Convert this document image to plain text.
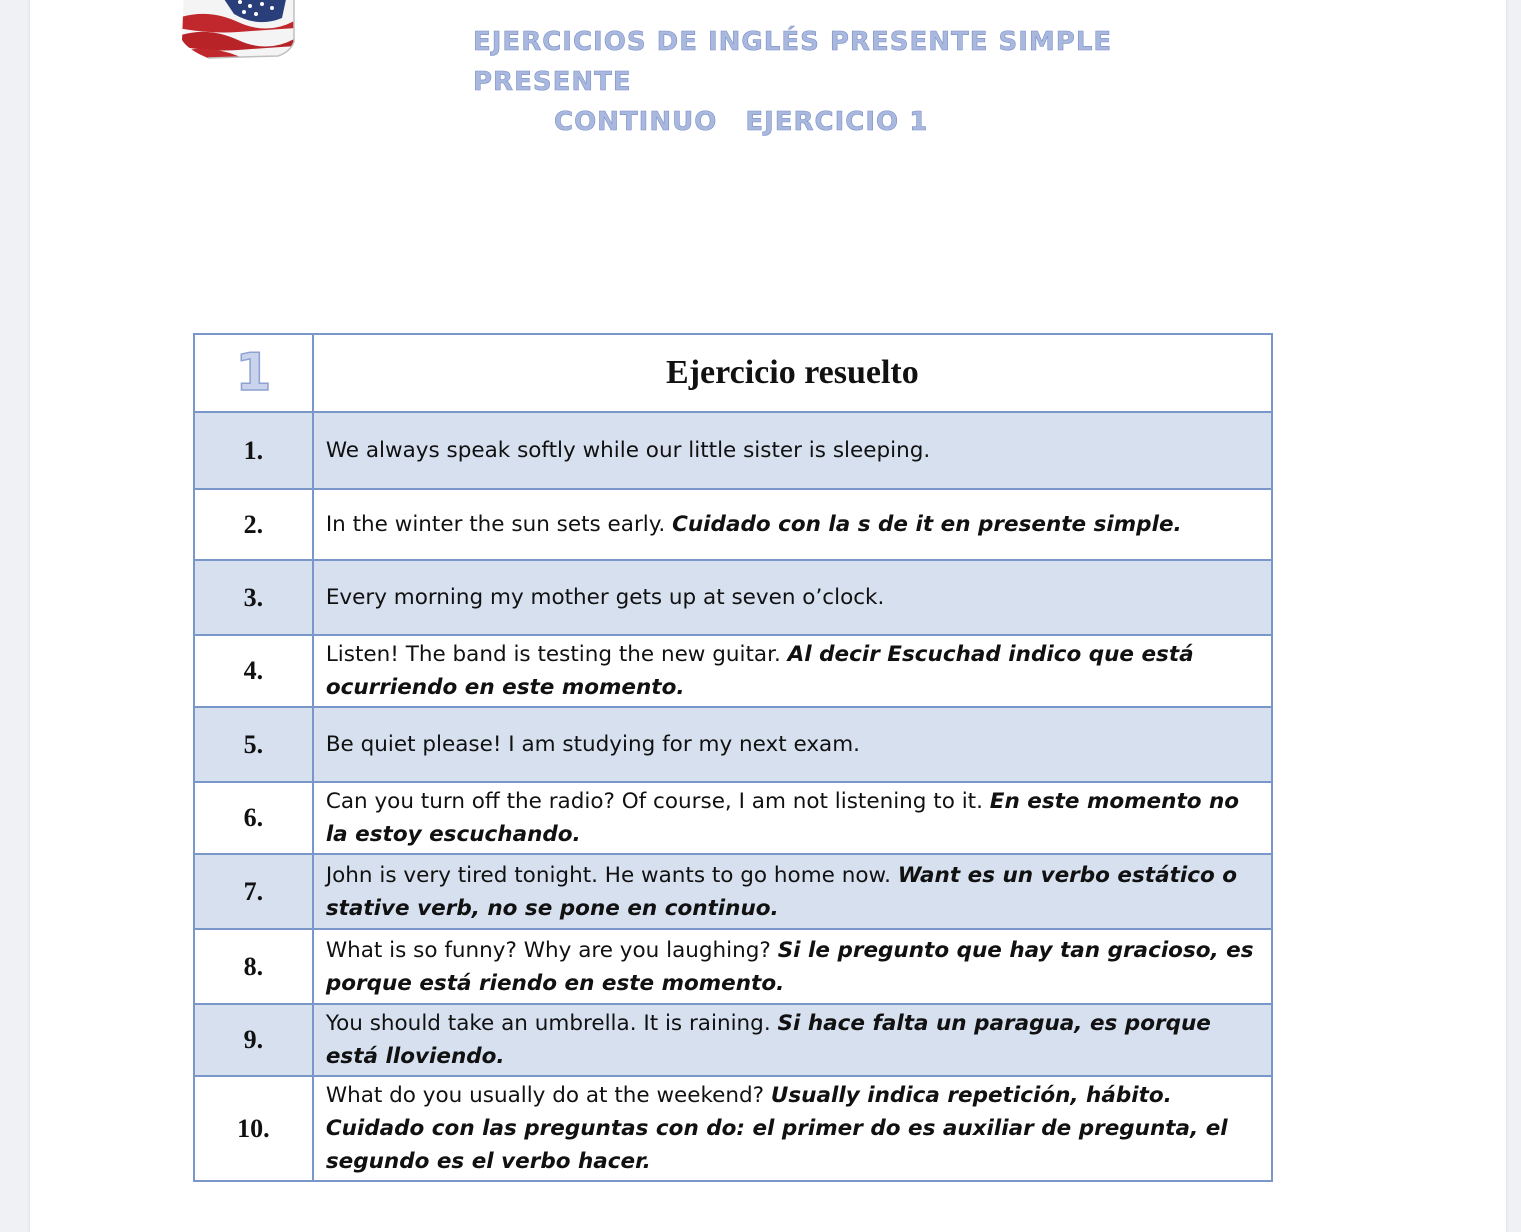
EJERCICIOS DE INGLÉS PRESENTE SIMPLE PRESENTE
CONTINUO EJERCICIO 1
1	Ejercicio resuelto
1.	We always speak softly while our little sister is sleeping.
2.	In the winter the sun sets early. Cuidado con la s de it en presente simple.
3.	Every morning my mother gets up at seven o’clock.
4.	Listen! The band is testing the new guitar. Al decir Escuchad indico que está ocurriendo en este momento.
5.	Be quiet please! I am studying for my next exam.
6.	Can you turn off the radio? Of course, I am not listening to it. En este momento no la estoy escuchando.
7.	John is very tired tonight. He wants to go home now. Want es un verbo estático o stative verb, no se pone en continuo.
8.	What is so funny? Why are you laughing? Si le pregunto que hay tan gracioso, es porque está riendo en este momento.
9.	You should take an umbrella. It is raining. Si hace falta un paragua, es porque está lloviendo.
10.	What do you usually do at the weekend? Usually indica repetición, hábito. Cuidado con las preguntas con do: el primer do es auxiliar de pregunta, el segundo es el verbo hacer.
